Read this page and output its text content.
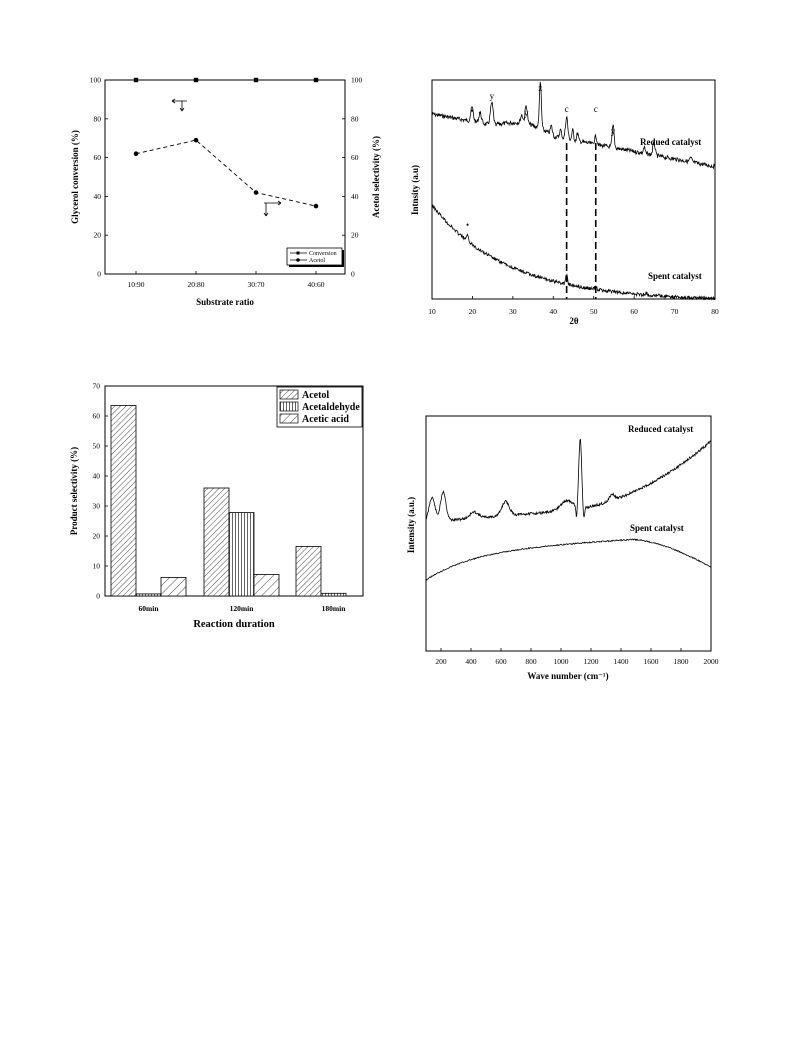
0
20
40
60
80
100
0
20
40
60
80
100
10:90	20:80	30:70	40:60
Conversion
Acetol
Substrate ratio
Glycerol conversion (%)	Acetol selectivity (%)
10	20	30	40	50	60	70	80
• •
y
y
z
c	c
y
•
Redued catalyst
Spent catalyst
2θ
Intnsity (a.u)
0
10
20
30
40
50
60
70
60min	120min	180min
Acetol
Acetaldehyde
Acetic acid
Reaction duration
Product selectivity (%)
200	400	600	800 1000 1200 1400 1600 1800 2000
Reduced catalyst
Spent catalyst
Wave number (cm⁻¹)
Intensity (a.u.)
